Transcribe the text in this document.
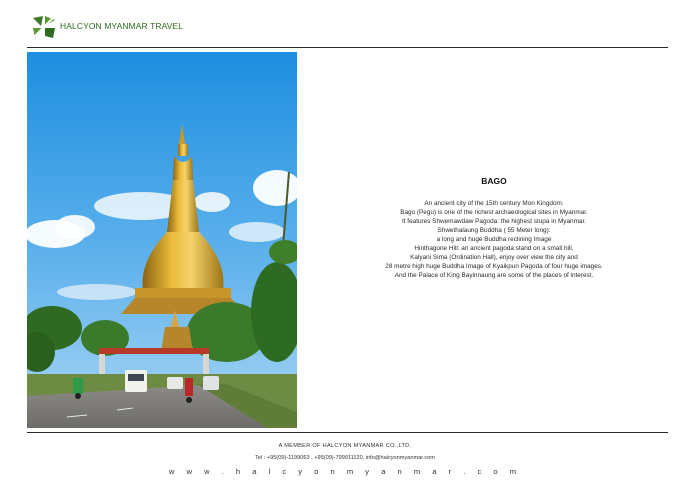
HALCYON MYANMAR TRAVEL
BAGO
An ancient city of the 15th century Mon Kingdom.
Bago (Pegu) is one of the richest archaeological sites in Myanmar.
It features Shwemawdaw Pagoda: the highest stupa in Myanmar.
Shwethalaung Buddha ( 55 Meter long):
a long and huge Buddha reclining Image
Hinthagone Hill: an ancient pagoda stand on a small hill.
Kalyani Sima (Ordination Hall), enjoy over view the city and
28 metre high huge Buddha Image of Kyaikpun Pagoda of four huge images.
And the Palace of King Bayinnaung are some of the places of interest.
A MEMBER OF HALCYON MYANMAR CO.,LTD.
Tel : +95(09)-1199063 , +95(09)-799911120, info@halcyonmyanmar.com
w w w . h a l c y o n m y a n m a r . c o m
